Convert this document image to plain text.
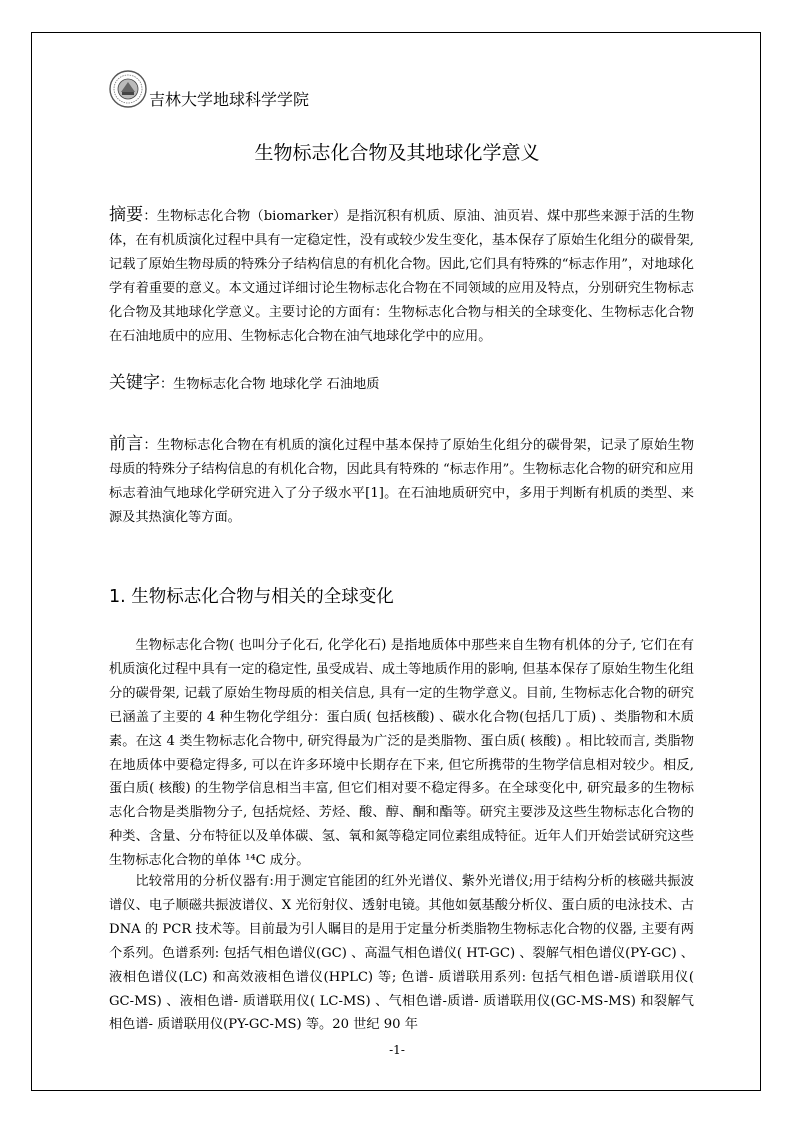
吉林大学地球科学学院
生物标志化合物及其地球化学意义
摘要：生物标志化合物（biomarker）是指沉积有机质、原油、油页岩、煤中那些来源于活的生物体，在有机质演化过程中具有一定稳定性，没有或较少发生变化，基本保存了原始生化组分的碳骨架,记载了原始生物母质的特殊分子结构信息的有机化合物。因此,它们具有特殊的“标志作用”，对地球化学有着重要的意义。本文通过详细讨论生物标志化合物在不同领域的应用及特点，分别研究生物标志化合物及其地球化学意义。主要讨论的方面有：生物标志化合物与相关的全球变化、生物标志化合物在石油地质中的应用、生物标志化合物在油气地球化学中的应用。
关键字：生物标志化合物 地球化学 石油地质
前言：生物标志化合物在有机质的演化过程中基本保持了原始生化组分的碳骨架，记录了原始生物母质的特殊分子结构信息的有机化合物，因此具有特殊的 “标志作用”。生物标志化合物的研究和应用标志着油气地球化学研究进入了分子级水平[1]。在石油地质研究中，多用于判断有机质的类型、来源及其热演化等方面。
1. 生物标志化合物与相关的全球变化
生物标志化合物( 也叫分子化石, 化学化石) 是指地质体中那些来自生物有机体的分子, 它们在有机质演化过程中具有一定的稳定性, 虽受成岩、成土等地质作用的影响, 但基本保存了原始生物生化组分的碳骨架, 记载了原始生物母质的相关信息, 具有一定的生物学意义。目前, 生物标志化合物的研究已涵盖了主要的 4 种生物化学组分：蛋白质( 包括核酸) 、碳水化合物(包括几丁质) 、类脂物和木质素。在这 4 类生物标志化合物中, 研究得最为广泛的是类脂物、蛋白质( 核酸) 。相比较而言, 类脂物在地质体中要稳定得多, 可以在许多环境中长期存在下来, 但它所携带的生物学信息相对较少。相反, 蛋白质( 核酸) 的生物学信息相当丰富, 但它们相对要不稳定得多。在全球变化中, 研究最多的生物标志化合物是类脂物分子, 包括烷烃、芳烃、酸、醇、酮和酯等。研究主要涉及这些生物标志化合物的种类、含量、分布特征以及单体碳、氢、氧和氮等稳定同位素组成特征。近年人们开始尝试研究这些生物标志化合物的单体 ¹⁴C 成分。
比较常用的分析仪器有:用于测定官能团的红外光谱仪、紫外光谱仪;用于结构分析的核磁共振波谱仪、电子顺磁共振波谱仪、X 光衍射仪、透射电镜。其他如氨基酸分析仪、蛋白质的电泳技术、古 DNA 的 PCR 技术等。目前最为引人瞩目的是用于定量分析类脂物生物标志化合物的仪器, 主要有两个系列。色谱系列: 包括气相色谱仪(GC) 、高温气相色谱仪( HT-GC) 、裂解气相色谱仪(PY-GC) 、液相色谱仪(LC) 和高效液相色谱仪(HPLC) 等; 色谱- 质谱联用系列: 包括气相色谱-质谱联用仪( GC-MS) 、液相色谱- 质谱联用仪( LC-MS) 、气相色谱-质谱- 质谱联用仪(GC-MS-MS) 和裂解气相色谱- 质谱联用仪(PY-GC-MS) 等。20 世纪 90 年
-1-
